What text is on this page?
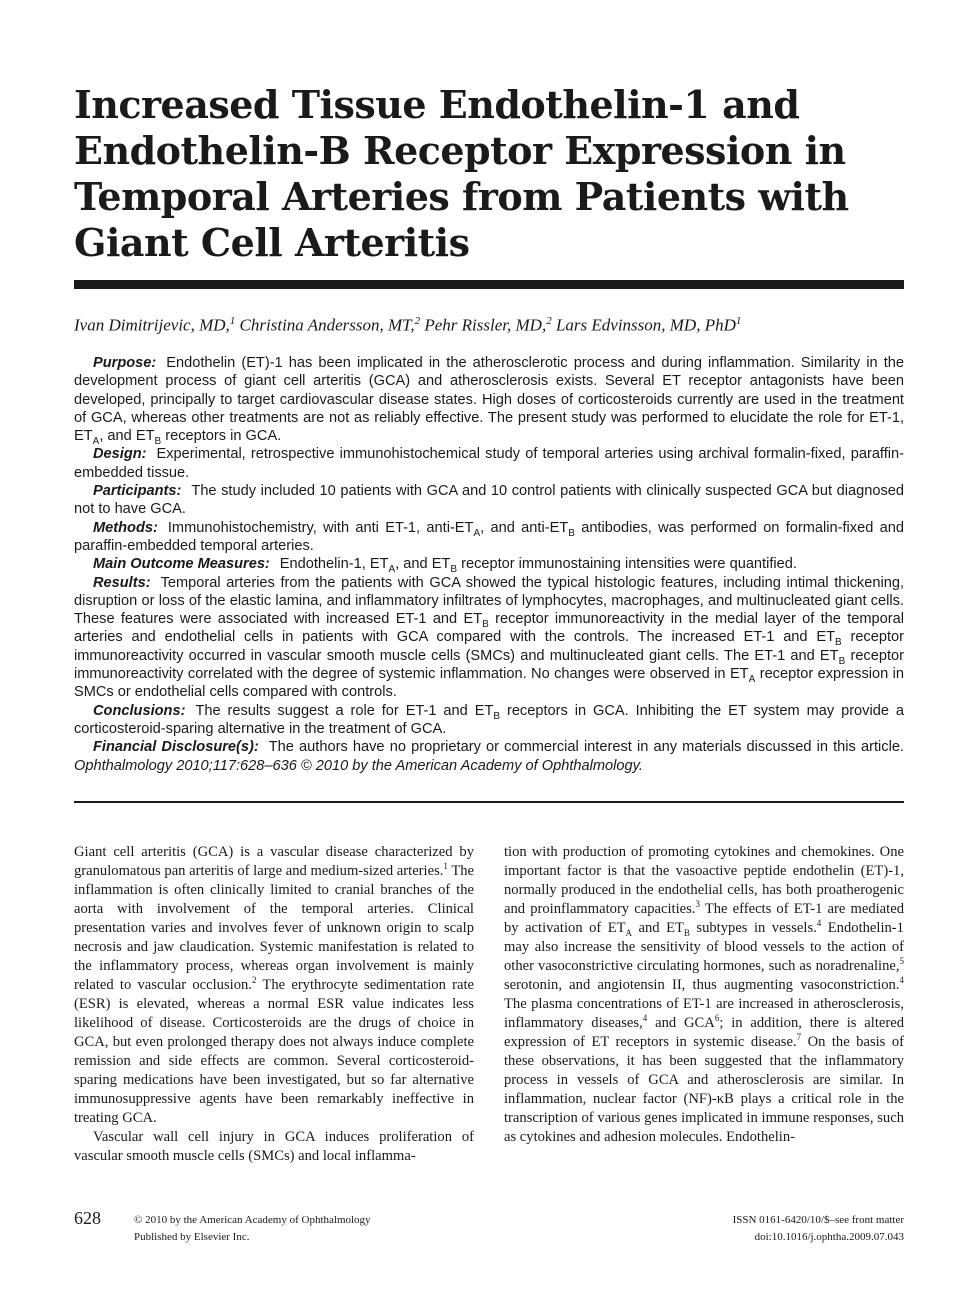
Increased Tissue Endothelin-1 and Endothelin-B Receptor Expression in Temporal Arteries from Patients with Giant Cell Arteritis
Ivan Dimitrijevic, MD,$^1$ Christina Andersson, MT,$^2$ Pehr Rissler, MD,$^2$ Lars Edvinsson, MD, PhD$^1$

Purpose: Endothelin (ET)-1 has been implicated in the atherosclerotic process and during inflammation. Similarity in the development process of giant cell arteritis (GCA) and atherosclerosis exists. Several ET receptor antagonists have been developed, principally to target cardiovascular disease states. High doses of corticosteroids currently are used in the treatment of GCA, whereas other treatments are not as reliably effective. The present study was performed to elucidate the role for ET-1, $ET_A$, and $ET_B$ receptors in GCA.

Design: Experimental, retrospective immunohistochemical study of temporal arteries using archival formalin-fixed, paraffin-embedded tissue.

Participants: The study included 10 patients with GCA and 10 control patients with clinically suspected GCA but diagnosed not to have GCA.

Methods: Immunohistochemistry, with anti ET-1, anti-$ET_A$, and anti-$ET_B$ antibodies, was performed on formalin-fixed and paraffin-embedded temporal arteries.

Main Outcome Measures: Endothelin-1, $ET_A$, and $ET_B$ receptor immunostaining intensities were quantified.

Results: Temporal arteries from the patients with GCA showed the typical histologic features, including intimal thickening, disruption or loss of the elastic lamina, and inflammatory infiltrates of lymphocytes, macrophages, and multinucleated giant cells. These features were associated with increased ET-1 and $ET_B$ receptor immunoreactivity in the medial layer of the temporal arteries and endothelial cells in patients with GCA compared with the controls. The increased ET-1 and $ET_B$ receptor immunoreactivity occurred in vascular smooth muscle cells (SMCs) and multinucleated giant cells. The ET-1 and $ET_B$ receptor immunoreactivity correlated with the degree of systemic inflammation. No changes were observed in $ET_A$ receptor expression in SMCs or endothelial cells compared with controls.

Conclusions: The results suggest a role for ET-1 and $ET_B$ receptors in GCA. Inhibiting the ET system may provide a corticosteroid-sparing alternative in the treatment of GCA.

Financial Disclosure(s): The authors have no proprietary or commercial interest in any materials discussed in this article. Ophthalmology 2010;117:628–636 © 2010 by the American Academy of Ophthalmology.

Giant cell arteritis (GCA) is a vascular disease characterized by granulomatous pan arteritis of large and medium-sized arteries.$^1$ The inflammation is often clinically limited to cranial branches of the aorta with involvement of the temporal arteries. Clinical presentation varies and involves fever of unknown origin to scalp necrosis and jaw claudication. Systemic manifestation is related to the inflammatory process, whereas organ involvement is mainly related to vascular occlusion.$^2$ The erythrocyte sedimentation rate (ESR) is elevated, whereas a normal ESR value indicates less likelihood of disease. Corticosteroids are the drugs of choice in GCA, but even prolonged therapy does not always induce complete remission and side effects are common. Several corticosteroid-sparing medications have been investigated, but so far alternative immunosuppressive agents have been remarkably ineffective in treating GCA.

Vascular wall cell injury in GCA induces proliferation of vascular smooth muscle cells (SMCs) and local inflamma-

tion with production of promoting cytokines and chemokines. One important factor is that the vasoactive peptide endothelin (ET)-1, normally produced in the endothelial cells, has both proatherogenic and proinflammatory capacities.$^3$ The effects of ET-1 are mediated by activation of $ET_A$ and $ET_B$ subtypes in vessels.$^4$ Endothelin-1 may also increase the sensitivity of blood vessels to the action of other vasoconstrictive circulating hormones, such as noradrenaline,$^5$ serotonin, and angiotensin II, thus augmenting vasoconstriction.$^4$ The plasma concentrations of ET-1 are increased in atherosclerosis, inflammatory diseases,$^4$ and GCA$^6$; in addition, there is altered expression of ET receptors in systemic disease.$^7$ On the basis of these observations, it has been suggested that the inflammatory process in vessels of GCA and atherosclerosis are similar. In inflammation, nuclear factor (NF)-κB plays a critical role in the transcription of various genes implicated in immune responses, such as cytokines and adhesion molecules. Endothelin-

628	© 2010 by the American Academy of Ophthalmology
Published by Elsevier Inc.
ISSN 0161-6420/10/$–see front matter
doi:10.1016/j.ophtha.2009.07.043
